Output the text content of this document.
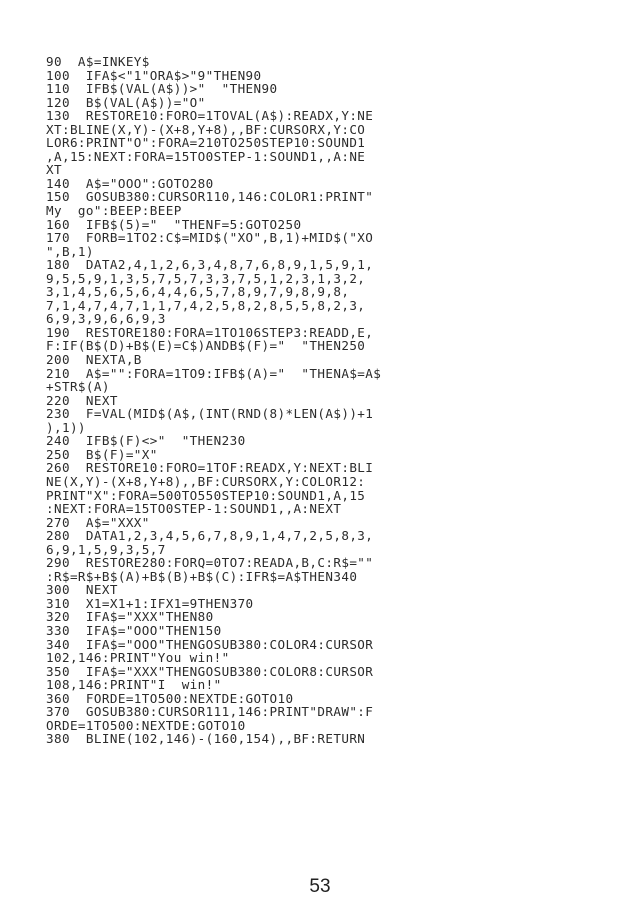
90  A$=INKEY$
100  IFA$<"1"ORA$>"9"THEN90
110  IFB$(VAL(A$))>"  "THEN90
120  B$(VAL(A$))="O"
130  RESTORE10:FORO=1TOVAL(A$):READX,Y:NE
XT:BLINE(X,Y)-(X+8,Y+8),,BF:CURSORX,Y:CO
LOR6:PRINT"O":FORA=210TO250STEP10:SOUND1
,A,15:NEXT:FORA=15TO0STEP-1:SOUND1,,A:NE
XT
140  A$="OOO":GOTO280
150  GOSUB380:CURSOR110,146:COLOR1:PRINT"
My  go":BEEP:BEEP
160  IFB$(5)="  "THENF=5:GOTO250
170  FORB=1TO2:C$=MID$("XO",B,1)+MID$("XO
",B,1)
180  DATA2,4,1,2,6,3,4,8,7,6,8,9,1,5,9,1,
9,5,5,9,1,3,5,7,5,7,3,3,7,5,1,2,3,1,3,2,
3,1,4,5,6,5,6,4,4,6,5,7,8,9,7,9,8,9,8,
7,1,4,7,4,7,1,1,7,4,2,5,8,2,8,5,5,8,2,3,
6,9,3,9,6,6,9,3
190  RESTORE180:FORA=1TO106STEP3:READD,E,
F:IF(B$(D)+B$(E)=C$)ANDB$(F)="  "THEN250
200  NEXTA,B
210  A$="":FORA=1TO9:IFB$(A)="  "THENA$=A$
+STR$(A)
220  NEXT
230  F=VAL(MID$(A$,(INT(RND(8)*LEN(A$))+1
),1))
240  IFB$(F)<>"  "THEN230
250  B$(F)="X"
260  RESTORE10:FORO=1TOF:READX,Y:NEXT:BLI
NE(X,Y)-(X+8,Y+8),,BF:CURSORX,Y:COLOR12:
PRINT"X":FORA=500TO550STEP10:SOUND1,A,15
:NEXT:FORA=15TO0STEP-1:SOUND1,,A:NEXT
270  A$="XXX"
280  DATA1,2,3,4,5,6,7,8,9,1,4,7,2,5,8,3,
6,9,1,5,9,3,5,7
290  RESTORE280:FORQ=0TO7:READA,B,C:R$=""
:R$=R$+B$(A)+B$(B)+B$(C):IFR$=A$THEN340
300  NEXT
310  X1=X1+1:IFX1=9THEN370
320  IFA$="XXX"THEN80
330  IFA$="OOO"THEN150
340  IFA$="OOO"THENGOSUB380:COLOR4:CURSOR
102,146:PRINT"You win!"
350  IFA$="XXX"THENGOSUB380:COLOR8:CURSOR
108,146:PRINT"I  win!"
360  FORDE=1TO500:NEXTDE:GOTO10
370  GOSUB380:CURSOR111,146:PRINT"DRAW":F
ORDE=1TO500:NEXTDE:GOTO10
380  BLINE(102,146)-(160,154),,BF:RETURN

53
